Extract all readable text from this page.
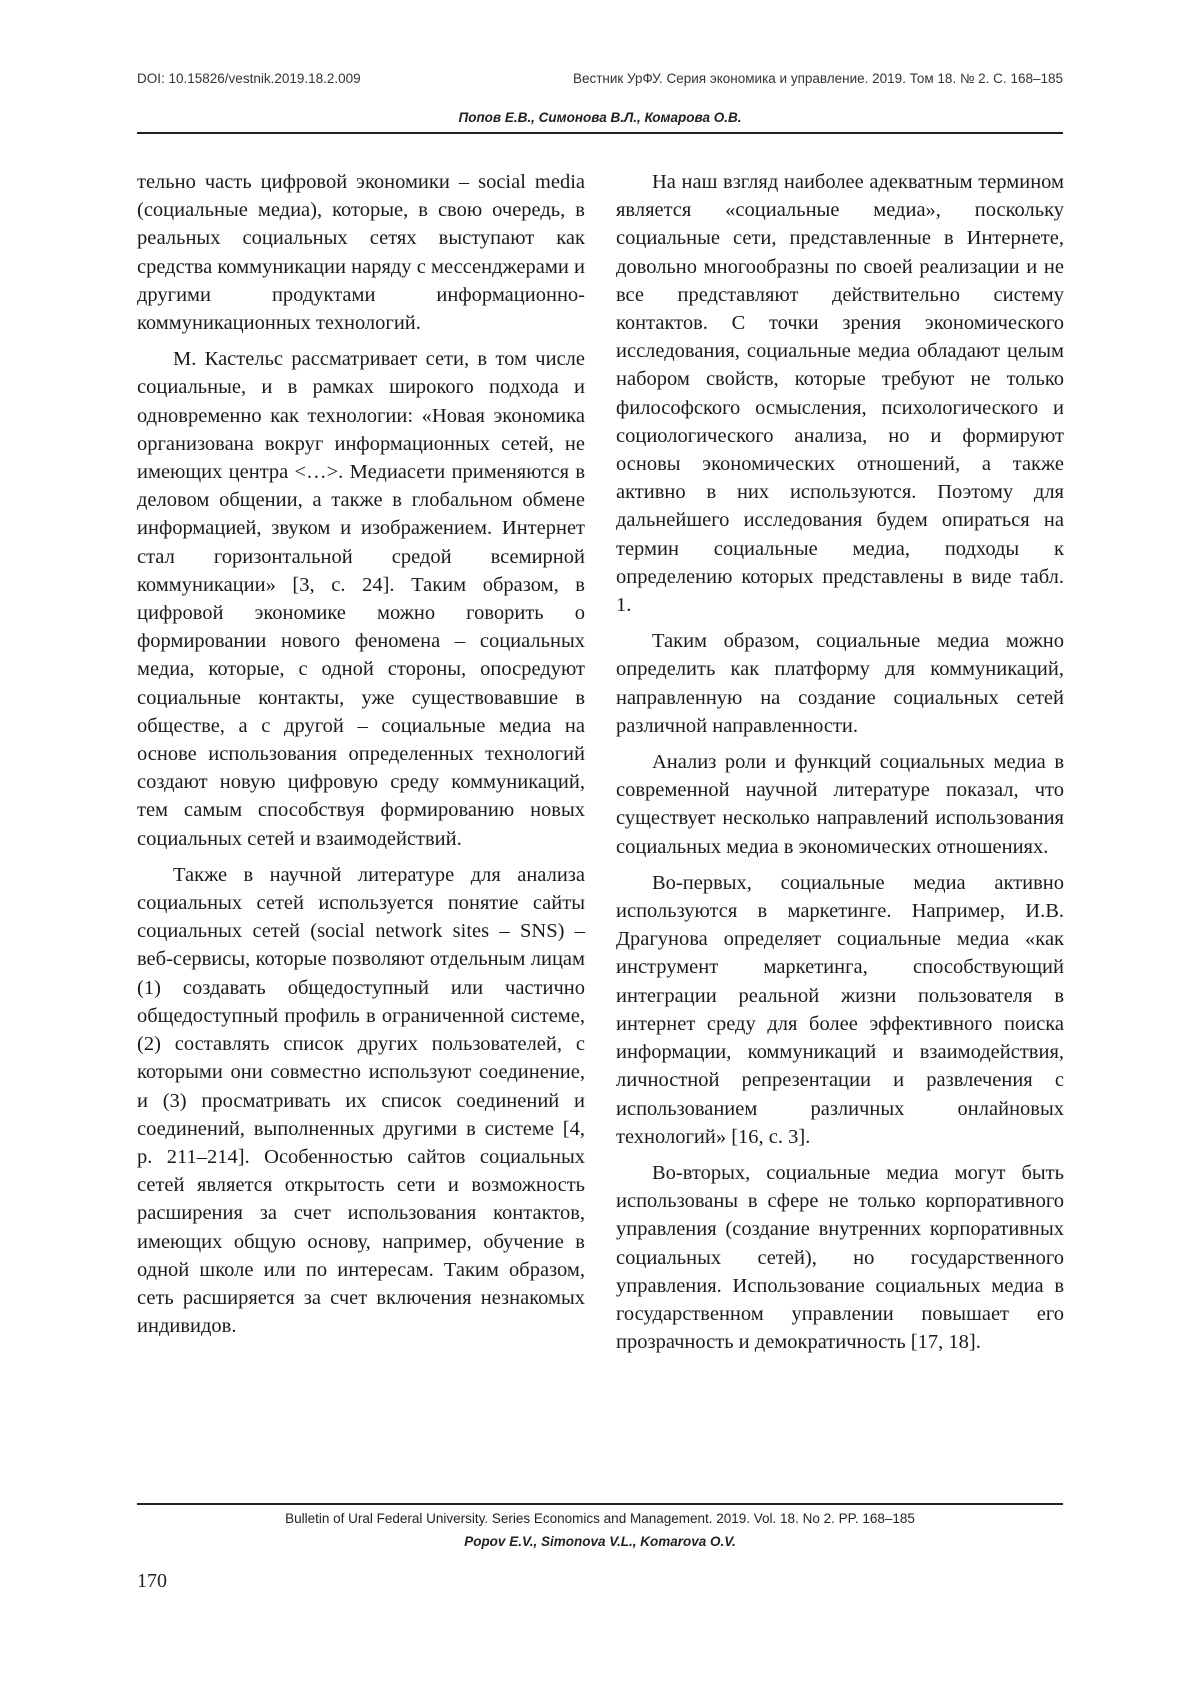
DOI: 10.15826/vestnik.2019.18.2.009	Вестник УрФУ. Серия экономика и управление. 2019. Том 18. № 2. С. 168–185
Попов Е.В., Симонова В.Л., Комарова О.В.

тельно часть цифровой экономики – social media (социальные медиа), которые, в свою очередь, в реальных социальных сетях выступают как средства коммуникации наряду с мессенджерами и другими продуктами информационно-коммуникационных технологий.

М. Кастельс рассматривает сети, в том числе социальные, и в рамках широкого подхода и одновременно как технологии: «Новая экономика организована вокруг информационных сетей, не имеющих центра <…>. Медиасети применяются в деловом общении, а также в глобальном обмене информацией, звуком и изображением. Интернет стал горизонтальной средой всемирной коммуникации» [3, с. 24]. Таким образом, в цифровой экономике можно говорить о формировании нового феномена – социальных медиа, которые, с одной стороны, опосредуют социальные контакты, уже существовавшие в обществе, а с другой – социальные медиа на основе использования определенных технологий создают новую цифровую среду коммуникаций, тем самым способствуя формированию новых социальных сетей и взаимодействий.

Также в научной литературе для анализа социальных сетей используется понятие сайты социальных сетей (social network sites – SNS) – веб-сервисы, которые позволяют отдельным лицам (1) создавать общедоступный или частично общедоступный профиль в ограниченной системе, (2) составлять список других пользователей, с которыми они совместно используют соединение, и (3) просматривать их список соединений и соединений, выполненных другими в системе [4, p. 211–214]. Особенностью сайтов социальных сетей является открытость сети и возможность расширения за счет использования контактов, имеющих общую основу, например, обучение в одной школе или по интересам. Таким образом, сеть расширяется за счет включения незнакомых индивидов.

На наш взгляд наиболее адекватным термином является «социальные медиа», поскольку социальные сети, представленные в Интернете, довольно многообразны по своей реализации и не все представляют действительно систему контактов. С точки зрения экономического исследования, социальные медиа обладают целым набором свойств, которые требуют не только философского осмысления, психологического и социологического анализа, но и формируют основы экономических отношений, а также активно в них используются. Поэтому для дальнейшего исследования будем опираться на термин социальные медиа, подходы к определению которых представлены в виде табл. 1.

Таким образом, социальные медиа можно определить как платформу для коммуникаций, направленную на создание социальных сетей различной направленности.

Анализ роли и функций социальных медиа в современной научной литературе показал, что существует несколько направлений использования социальных медиа в экономических отношениях.

Во-первых, социальные медиа активно используются в маркетинге. Например, И.В. Драгунова определяет социальные медиа «как инструмент маркетинга, способствующий интеграции реальной жизни пользователя в интернет среду для более эффективного поиска информации, коммуникаций и взаимодействия, личностной репрезентации и развлечения с использованием различных онлайновых технологий» [16, с. 3].

Во-вторых, социальные медиа могут быть использованы в сфере не только корпоративного управления (создание внутренних корпоративных социальных сетей), но государственного управления. Использование социальных медиа в государственном управлении повышает его прозрачность и демократичность [17, 18].

Bulletin of Ural Federal University. Series Economics and Management. 2019. Vol. 18. No 2. PP. 168–185
Popov E.V., Simonova V.L., Komarova O.V.
170
